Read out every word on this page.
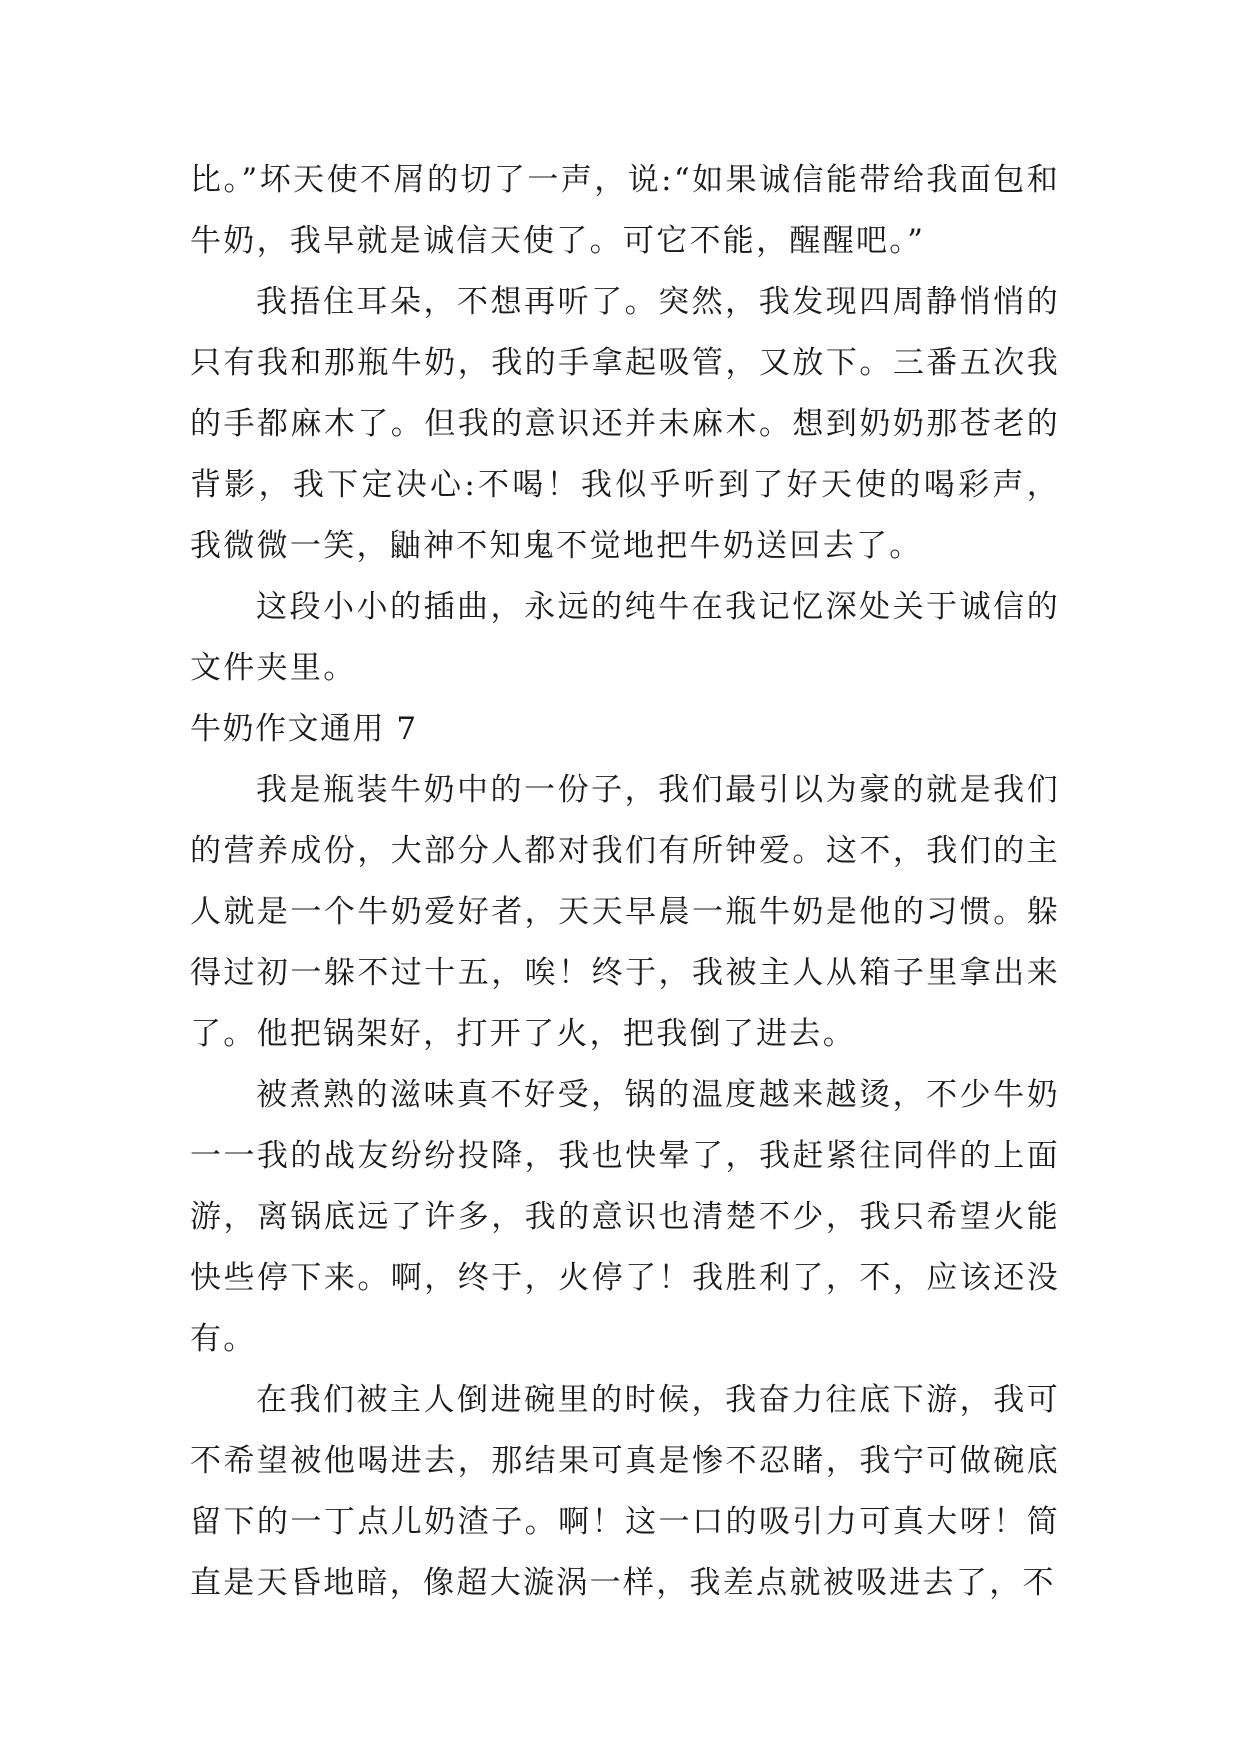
比。”坏天使不屑的切了一声，说:“如果诚信能带给我面包和牛奶，我早就是诚信天使了。可它不能，醒醒吧。”

我捂住耳朵，不想再听了。突然，我发现四周静悄悄的只有我和那瓶牛奶，我的手拿起吸管，又放下。三番五次我的手都麻木了。但我的意识还并未麻木。想到奶奶那苍老的背影，我下定决心:不喝！我似乎听到了好天使的喝彩声，我微微一笑，鼬神不知鬼不觉地把牛奶送回去了。

这段小小的插曲，永远的纯牛在我记忆深处关于诚信的文件夹里。

牛奶作文通用 7

我是瓶装牛奶中的一份子，我们最引以为豪的就是我们的营养成份，大部分人都对我们有所钟爱。这不，我们的主人就是一个牛奶爱好者，天天早晨一瓶牛奶是他的习惯。躲得过初一躲不过十五，唉！终于，我被主人从箱子里拿出来了。他把锅架好，打开了火，把我倒了进去。

被煮熟的滋味真不好受，锅的温度越来越烫，不少牛奶一一我的战友纷纷投降，我也快晕了，我赶紧往同伴的上面游，离锅底远了许多，我的意识也清楚不少，我只希望火能快些停下来。啊，终于，火停了！我胜利了，不，应该还没有。

在我们被主人倒进碗里的时候，我奋力往底下游，我可不希望被他喝进去，那结果可真是惨不忍睹，我宁可做碗底留下的一丁点儿奶渣子。啊！这一口的吸引力可真大呀！简直是天昏地暗，像超大漩涡一样，我差点就被吸进去了，不
